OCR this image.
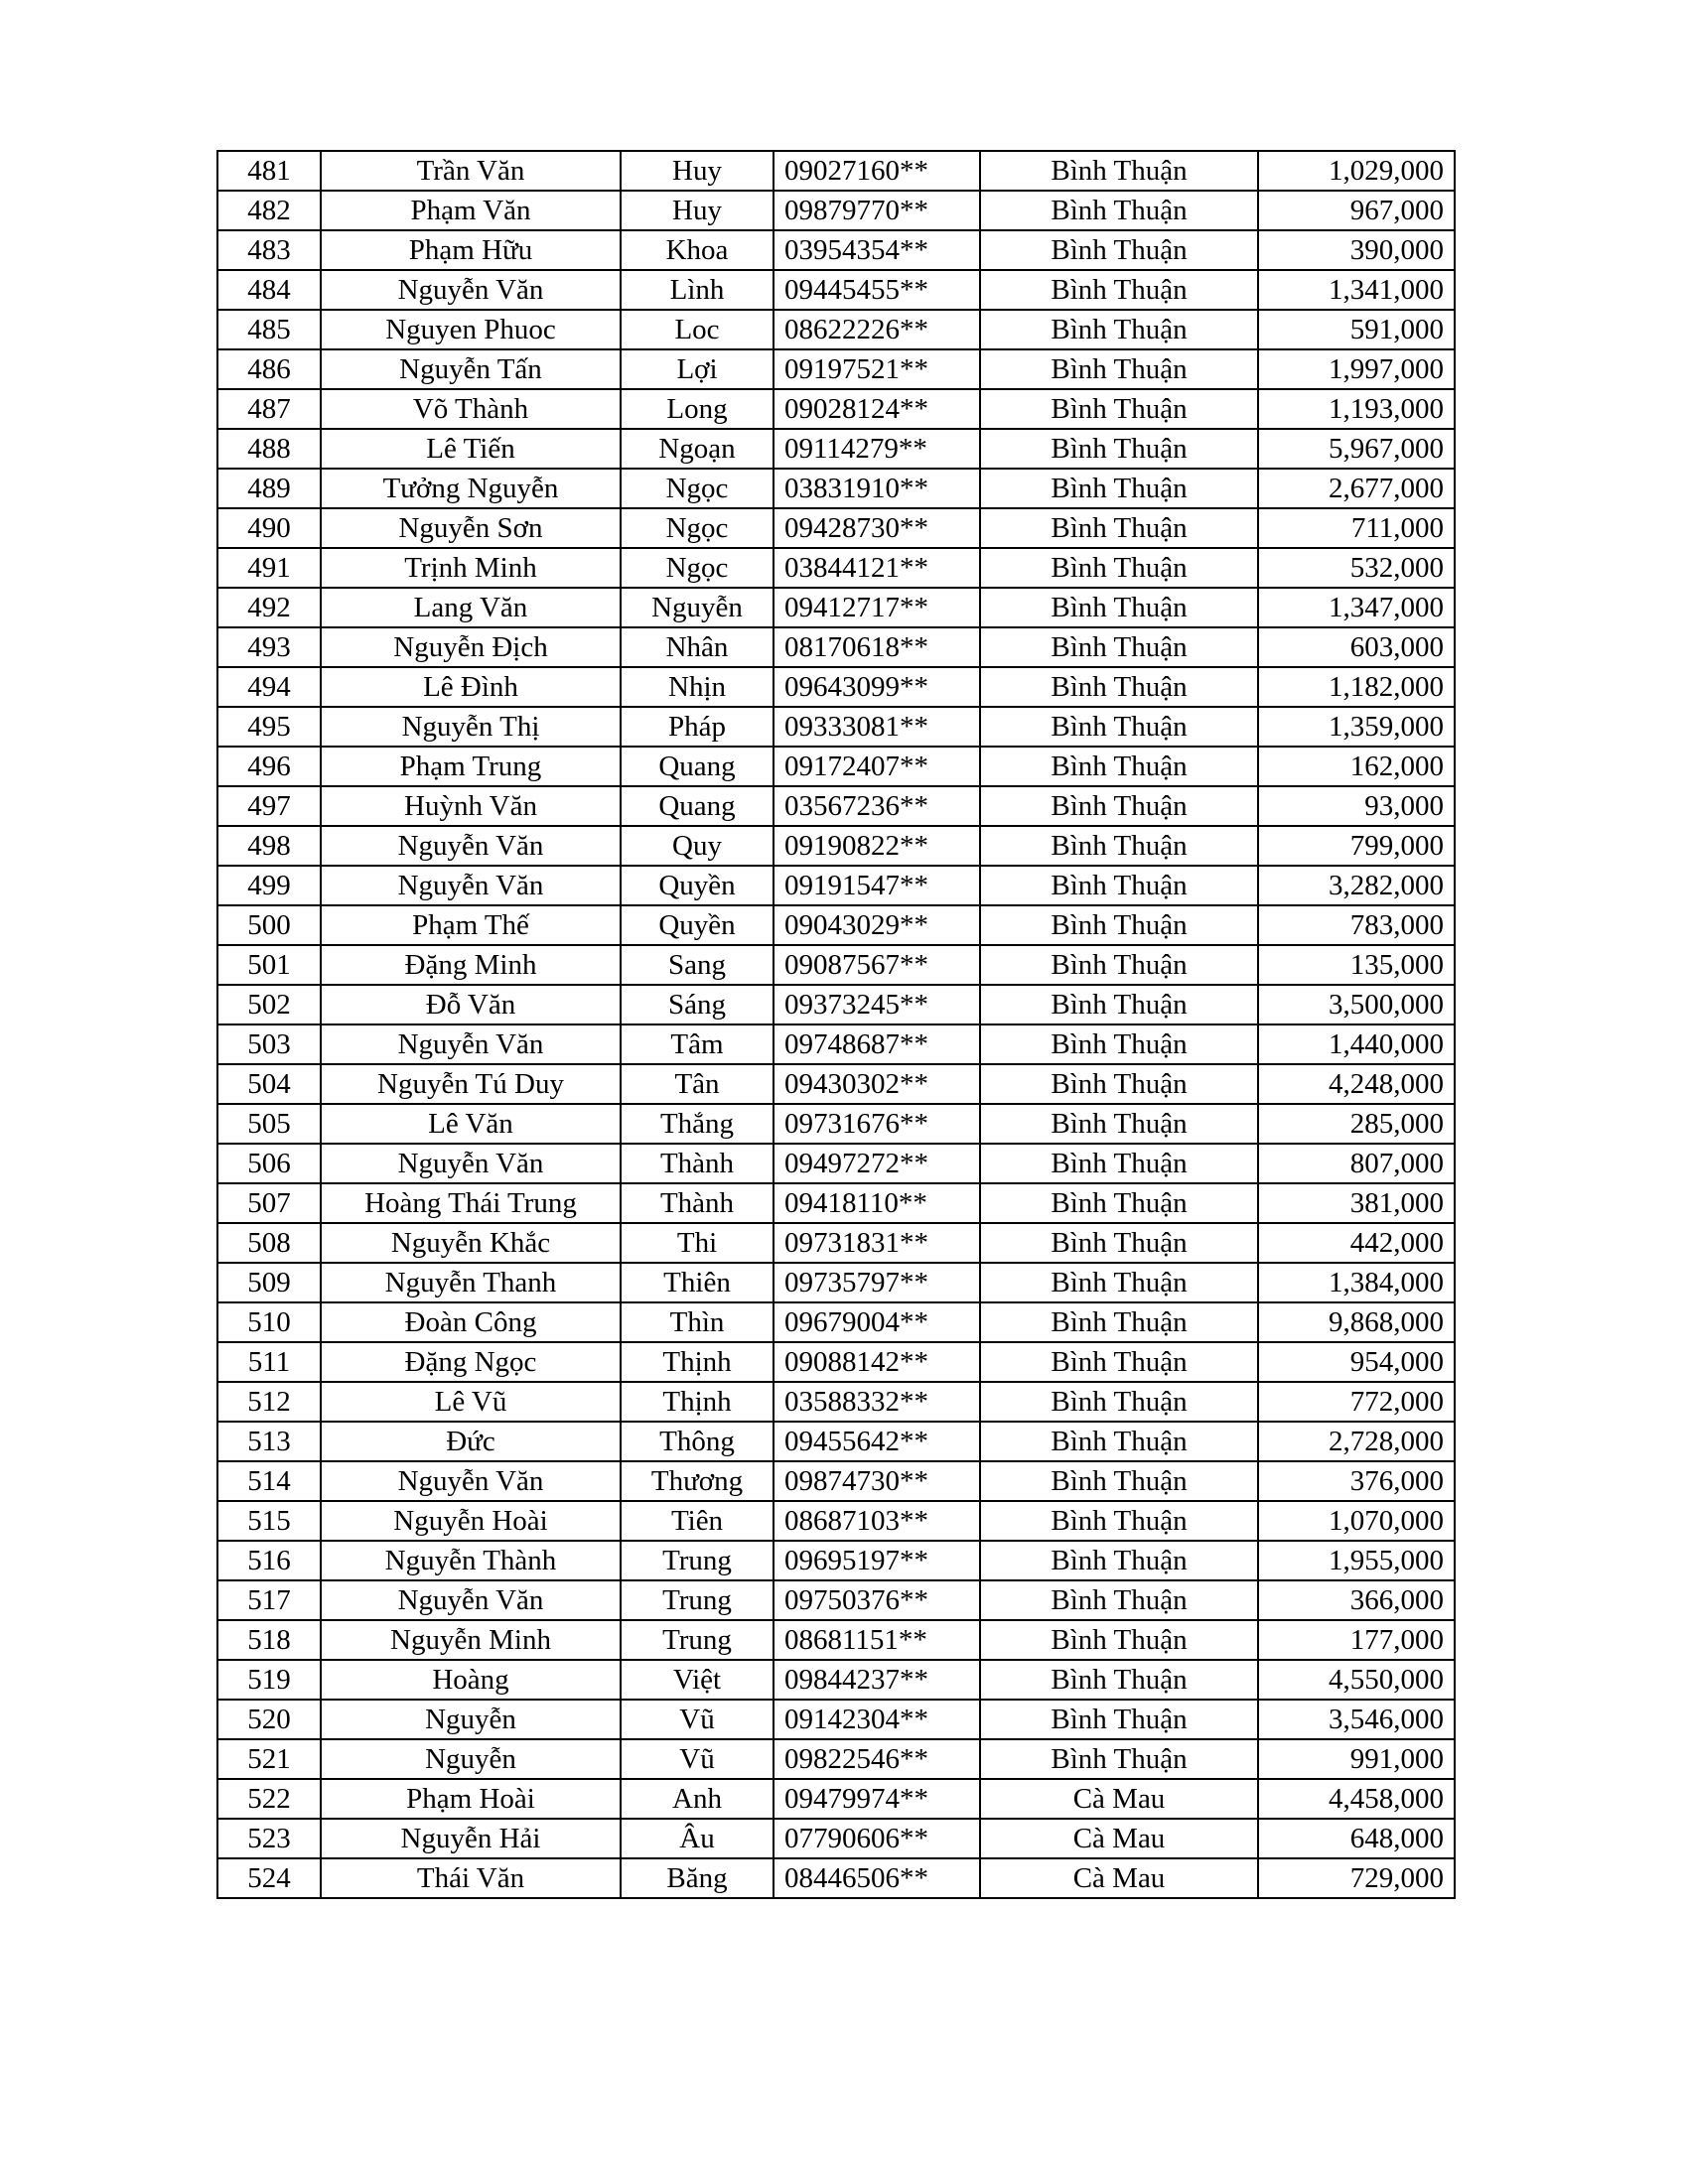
481	Trần Văn	Huy	09027160**	Bình Thuận	1,029,000
482	Phạm Văn	Huy	09879770**	Bình Thuận	967,000
483	Phạm Hữu	Khoa	03954354**	Bình Thuận	390,000
484	Nguyễn Văn	Lình	09445455**	Bình Thuận	1,341,000
485	Nguyen Phuoc	Loc	08622226**	Bình Thuận	591,000
486	Nguyễn Tấn	Lợi	09197521**	Bình Thuận	1,997,000
487	Võ Thành	Long	09028124**	Bình Thuận	1,193,000
488	Lê Tiến	Ngoạn	09114279**	Bình Thuận	5,967,000
489	Tưởng Nguyễn	Ngọc	03831910**	Bình Thuận	2,677,000
490	Nguyễn Sơn	Ngọc	09428730**	Bình Thuận	711,000
491	Trịnh Minh	Ngọc	03844121**	Bình Thuận	532,000
492	Lang Văn	Nguyễn	09412717**	Bình Thuận	1,347,000
493	Nguyễn Địch	Nhân	08170618**	Bình Thuận	603,000
494	Lê Đình	Nhịn	09643099**	Bình Thuận	1,182,000
495	Nguyễn Thị	Pháp	09333081**	Bình Thuận	1,359,000
496	Phạm Trung	Quang	09172407**	Bình Thuận	162,000
497	Huỳnh Văn	Quang	03567236**	Bình Thuận	93,000
498	Nguyễn Văn	Quy	09190822**	Bình Thuận	799,000
499	Nguyễn Văn	Quyền	09191547**	Bình Thuận	3,282,000
500	Phạm Thế	Quyền	09043029**	Bình Thuận	783,000
501	Đặng Minh	Sang	09087567**	Bình Thuận	135,000
502	Đỗ Văn	Sáng	09373245**	Bình Thuận	3,500,000
503	Nguyễn Văn	Tâm	09748687**	Bình Thuận	1,440,000
504	Nguyễn Tú Duy	Tân	09430302**	Bình Thuận	4,248,000
505	Lê Văn	Thắng	09731676**	Bình Thuận	285,000
506	Nguyễn Văn	Thành	09497272**	Bình Thuận	807,000
507	Hoàng Thái Trung	Thành	09418110**	Bình Thuận	381,000
508	Nguyễn Khắc	Thi	09731831**	Bình Thuận	442,000
509	Nguyễn Thanh	Thiên	09735797**	Bình Thuận	1,384,000
510	Đoàn Công	Thìn	09679004**	Bình Thuận	9,868,000
511	Đặng Ngọc	Thịnh	09088142**	Bình Thuận	954,000
512	Lê Vũ	Thịnh	03588332**	Bình Thuận	772,000
513	Đức	Thông	09455642**	Bình Thuận	2,728,000
514	Nguyễn Văn	Thương	09874730**	Bình Thuận	376,000
515	Nguyễn Hoài	Tiên	08687103**	Bình Thuận	1,070,000
516	Nguyễn Thành	Trung	09695197**	Bình Thuận	1,955,000
517	Nguyễn Văn	Trung	09750376**	Bình Thuận	366,000
518	Nguyễn Minh	Trung	08681151**	Bình Thuận	177,000
519	Hoàng	Việt	09844237**	Bình Thuận	4,550,000
520	Nguyễn	Vũ	09142304**	Bình Thuận	3,546,000
521	Nguyễn	Vũ	09822546**	Bình Thuận	991,000
522	Phạm Hoài	Anh	09479974**	Cà Mau	4,458,000
523	Nguyễn Hải	Âu	07790606**	Cà Mau	648,000
524	Thái Văn	Băng	08446506**	Cà Mau	729,000
